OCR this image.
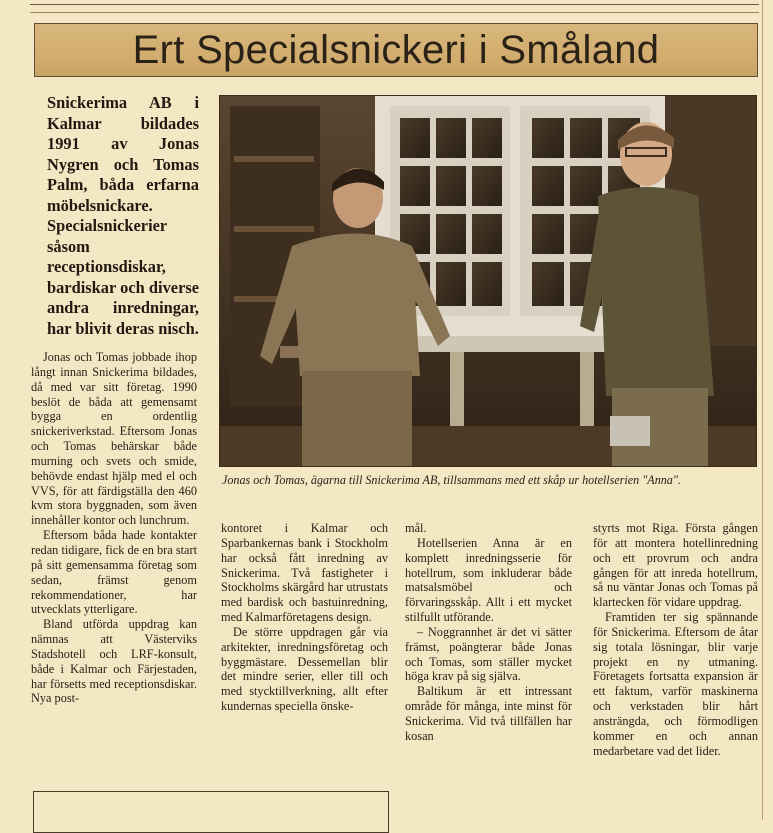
Ert Specialsnickeri i Småland

Snickerima AB i Kalmar bildades 1991 av Jonas Nygren och Tomas Palm, båda erfarna möbelsnickare. Specialsnickerier såsom receptionsdiskar, bardiskar och diverse andra inredningar, har blivit deras nisch.

Jonas och Tomas, ägarna till Snickerima AB, tillsammans med ett skåp ur hotellserien "Anna".

Jonas och Tomas jobbade ihop långt innan Snickerima bildades, då med var sitt företag. 1990 beslöt de båda att gemensamt bygga en ordentlig snickeriverkstad. Eftersom Jonas och Tomas behärskar både murning och svets och smide, behövde endast hjälp med el och VVS, för att färdigställa den 460 kvm stora byggnaden, som även innehåller kontor och lunchrum.

Eftersom båda hade kontakter redan tidigare, fick de en bra start på sitt gemensamma företag som sedan, främst genom rekommendationer, har utvecklats ytterligare.

Bland utförda uppdrag kan nämnas att Västerviks Stadshotell och LRF-konsult, både i Kalmar och Färjestaden, har försetts med receptionsdiskar. Nya post-

kontoret i Kalmar och Sparbankernas bank i Stockholm har också fått inredning av Snickerima. Två fastigheter i Stockholms skärgård har utrustats med bardisk och bastuinredning, med Kalmarföretagens design.

De större uppdragen går via arkitekter, inredningsföretag och byggmästare. Dessemellan blir det mindre serier, eller till och med stycktillverkning, allt efter kundernas speciella önske-

mål.

Hotellserien Anna är en komplett inredningsserie för hotellrum, som inkluderar både matsalsmöbel och förvaringsskåp. Allt i ett mycket stilfullt utförande.

– Noggrannhet är det vi sätter främst, poängterar både Jonas och Tomas, som ställer mycket höga krav på sig själva.

Baltikum är ett intressant område för många, inte minst för Snickerima. Vid två tillfällen har kosan

styrts mot Riga. Första gången för att montera hotellinredning och ett provrum och andra gången för att inreda hotellrum, så nu väntar Jonas och Tomas på klartecken för vidare uppdrag.

Framtiden ter sig spännande för Snickerima. Eftersom de åtar sig totala lösningar, blir varje projekt en ny utmaning. Företagets fortsatta expansion är ett faktum, varför maskinerna och verkstaden blir hårt ansträngda, och förmodligen kommer en och annan medarbetare vad det lider.
